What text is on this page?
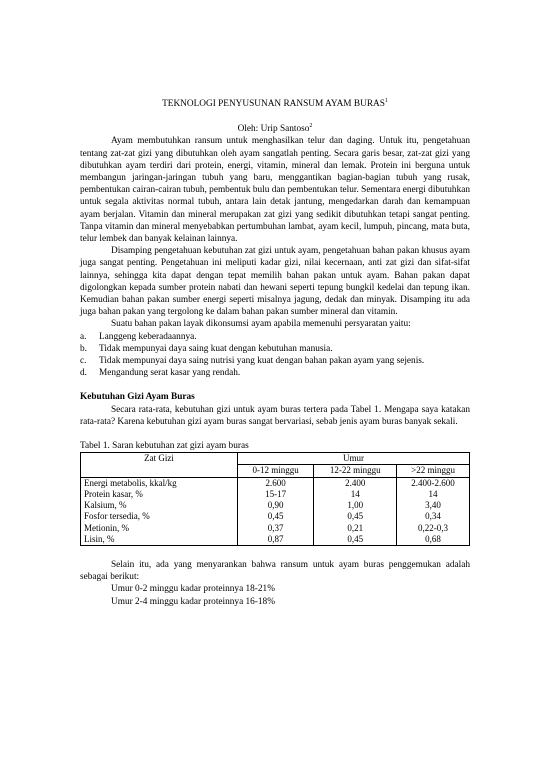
TEKNOLOGI PENYUSUNAN RANSUM AYAM BURAS$^1$

Oleh: Urip Santoso$^2$

Ayam membutuhkan ransum untuk menghasilkan telur dan daging. Untuk itu, pengetahuan tentang zat-zat gizi yang dibutuhkan oleh ayam sangatlah penting. Secara garis besar, zat-zat gizi yang dibutuhkan ayam terdiri dari protein, energi, vitamin, mineral dan lemak. Protein ini berguna untuk membangun jaringan-jaringan tubuh yang baru, menggantikan bagian-bagian tubuh yang rusak, pembentukan cairan-cairan tubuh, pembentuk bulu dan pembentukan telur. Sementara energi dibutuhkan untuk segala aktivitas normal tubuh, antara lain detak jantung, mengedarkan darah dan kemampuan ayam berjalan. Vitamin dan mineral merupakan zat gizi yang sedikit dibutuhkan tetapi sangat penting. Tanpa vitamin dan mineral menyebabkan pertumbuhan lambat, ayam kecil, lumpuh, pincang, mata buta, telur lembek dan banyak kelainan lainnya.

Disamping pengetahuan kebutuhan zat gizi untuk ayam, pengetahuan bahan pakan khusus ayam juga sangat penting. Pengetahuan ini meliputi kadar gizi, nilai kecernaan, anti zat gizi dan sifat-sifat lainnya, sehingga kita dapat dengan tepat memilih bahan pakan untuk ayam. Bahan pakan dapat digolongkan kepada sumber protein nabati dan hewani seperti tepung bungkil kedelai dan tepung ikan. Kemudian bahan pakan sumber energi seperti misalnya jagung, dedak dan minyak. Disamping itu ada juga bahan pakan yang tergolong ke dalam bahan pakan sumber mineral dan vitamin.

Suatu bahan pakan layak dikonsumsi ayam apabila memenuhi persyaratan yaitu:

a. Langgeng keberadaannya.
b. Tidak mempunyai daya saing kuat dengan kebutuhan manusia.
c. Tidak mempunyai daya saing nutrisi yang kuat dengan bahan pakan ayam yang sejenis.
d. Mengandung serat kasar yang rendah.

Kebutuhan Gizi Ayam Buras

Secara rata-rata, kebutuhan gizi untuk ayam buras tertera pada Tabel 1. Mengapa saya katakan rata-rata? Karena kebutuhan gizi ayam buras sangat bervariasi, sebab jenis ayam buras banyak sekali.

Tabel 1. Saran kebutuhan zat gizi ayam buras

Zat Gizi	Umur		
	0-12 minggu	12-22 minggu	>22 minggu
Energi metabolis, kkal/kg	2.600	2.400	2.400-2.600
Protein kasar, %	15-17	14	14
Kalsium, %	0,90	1,00	3,40
Fosfor tersedia, %	0,45	0,45	0,34
Metionin, %	0,37	0,21	0,22-0,3
Lisin, %	0,87	0,45	0,68

Selain itu, ada yang menyarankan bahwa ransum untuk ayam buras penggemukan adalah sebagai berikut:

Umur 0-2 minggu kadar proteinnya 18-21%
Umur 2-4 minggu kadar proteinnya 16-18%
